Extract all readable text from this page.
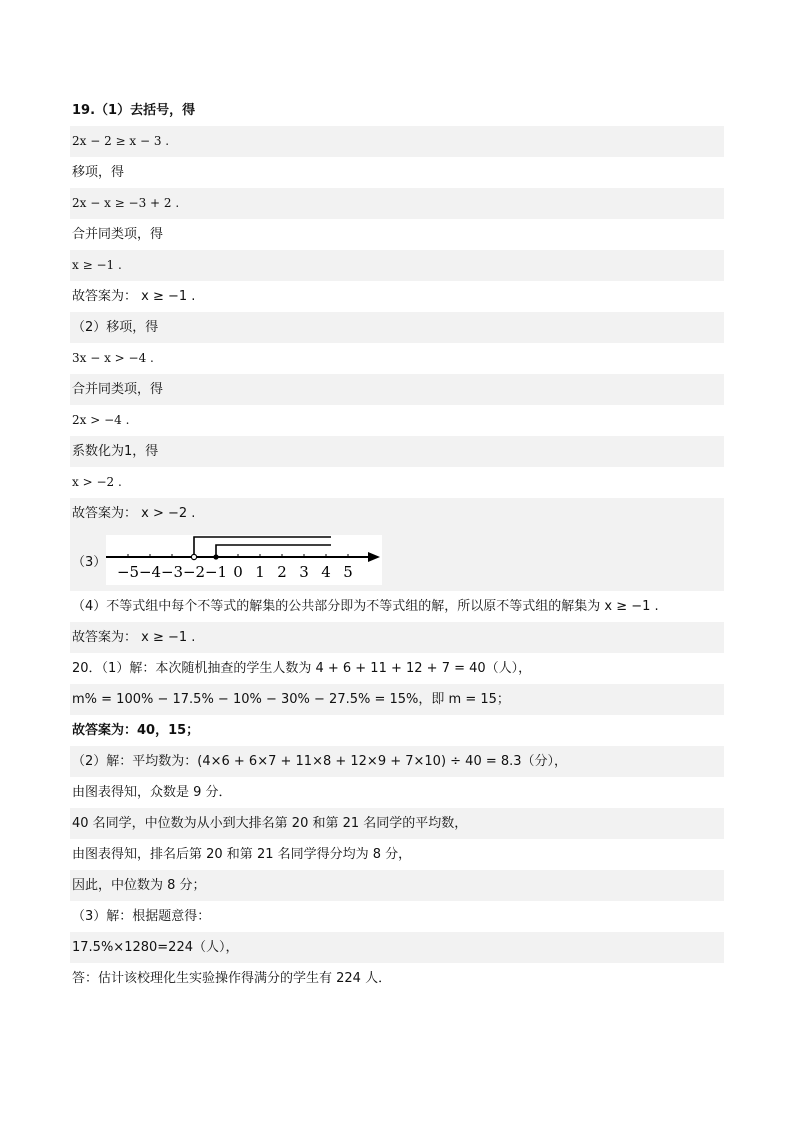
19.（1）去括号，得
2x − 2 ≥ x − 3 .
移项，得
2x − x ≥ −3 + 2 .
合并同类项，得
x ≥ −1 .
故答案为： x ≥ −1 .
（2）移项，得
3x − x > −4 .
合并同类项，得
2x > −4 .
系数化为1，得
x > −2 .
故答案为： x > −2 .
（3）
−5 −4 −3 −2 −1 0 1 2 3 4 5
（4）不等式组中每个不等式的解集的公共部分即为不等式组的解，所以原不等式组的解集为 x ≥ −1 .
故答案为： x ≥ −1 .
20．（1）解：本次随机抽查的学生人数为 4 + 6 + 11 + 12 + 7 = 40（人），
m% = 100% − 17.5% − 10% − 30% − 27.5% = 15%，即 m = 15；
故答案为：40，15；
（2）解：平均数为：(4×6 + 6×7 + 11×8 + 12×9 + 7×10) ÷ 40 = 8.3（分），
由图表得知，众数是 9 分．
40 名同学，中位数为从小到大排名第 20 和第 21 名同学的平均数，
由图表得知，排名后第 20 和第 21 名同学得分均为 8 分，
因此，中位数为 8 分；
（3）解：根据题意得：
17.5%×1280=224（人），
答：估计该校理化生实验操作得满分的学生有 224 人．
